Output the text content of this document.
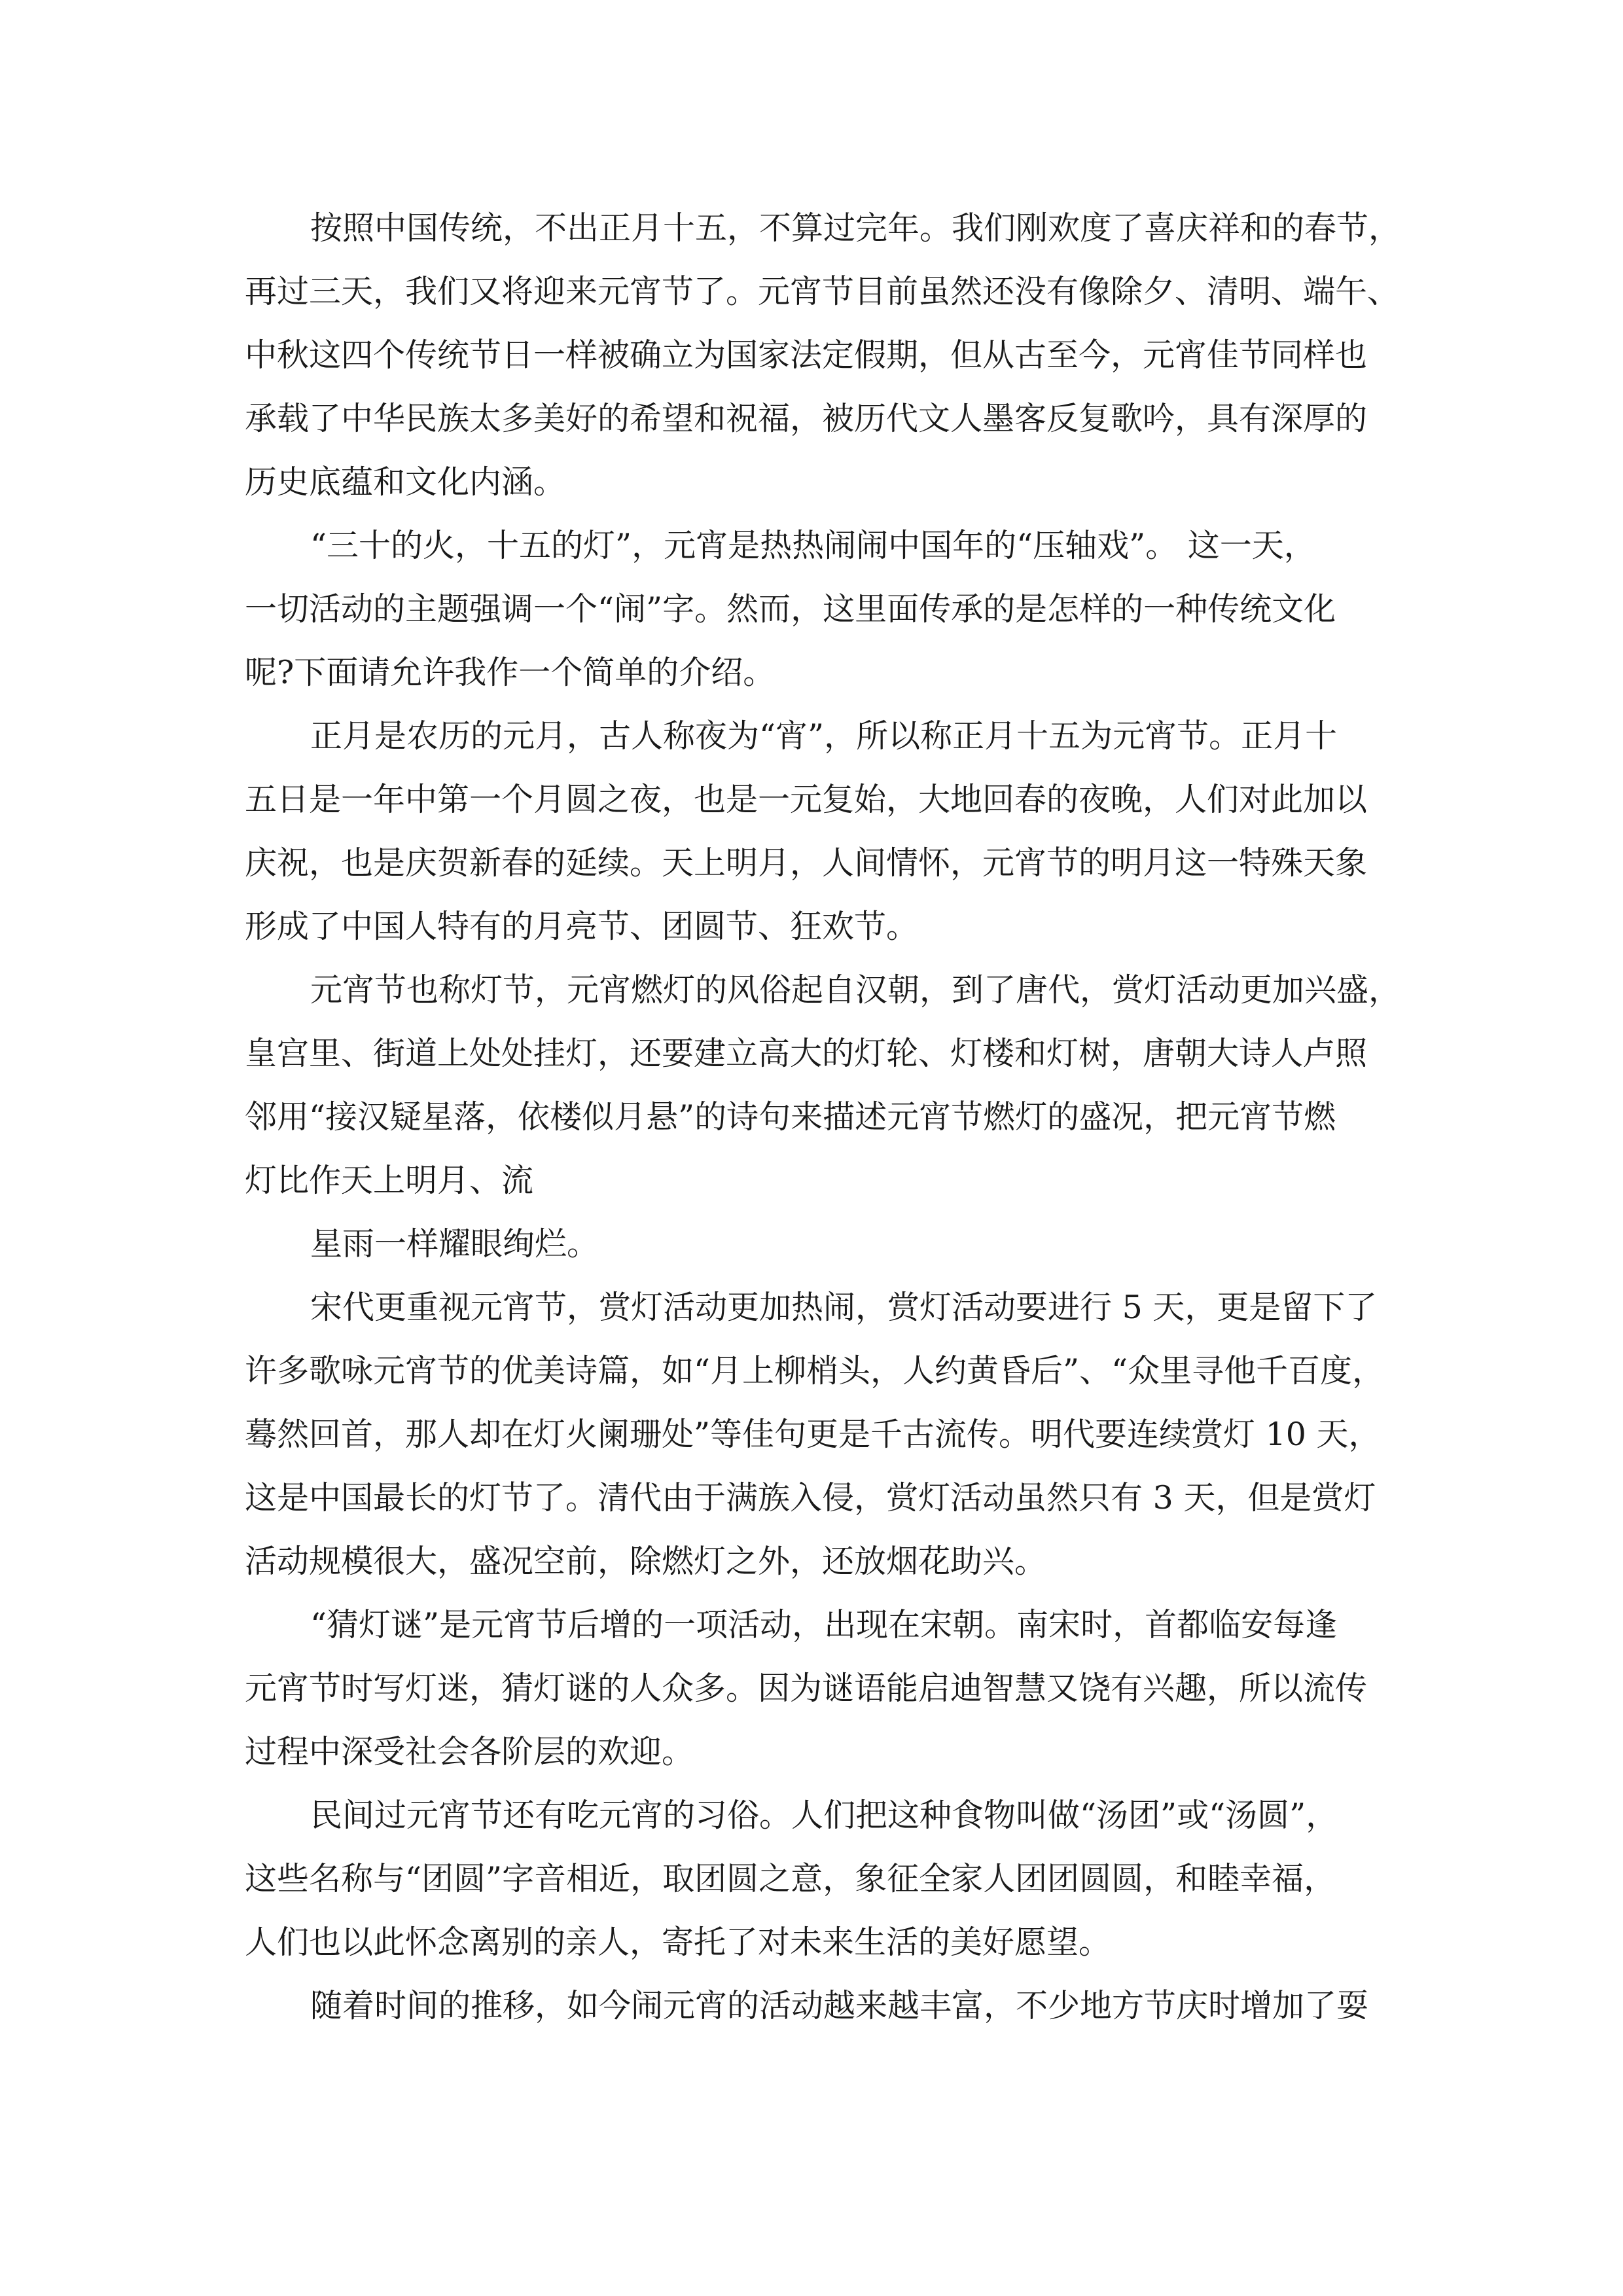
按照中国传统，不出正月十五，不算过完年。我们刚欢度了喜庆祥和的春节，
再过三天，我们又将迎来元宵节了。元宵节目前虽然还没有像除夕、清明、端午、
中秋这四个传统节日一样被确立为国家法定假期，但从古至今，元宵佳节同样也
承载了中华民族太多美好的希望和祝福，被历代文人墨客反复歌吟，具有深厚的
历史底蕴和文化内涵。
“三十的火，十五的灯”，元宵是热热闹闹中国年的“压轴戏”。 这一天，
一切活动的主题强调一个“闹”字。然而，这里面传承的是怎样的一种传统文化
呢?下面请允许我作一个简单的介绍。
正月是农历的元月，古人称夜为“宵”，所以称正月十五为元宵节。正月十
五日是一年中第一个月圆之夜，也是一元复始，大地回春的夜晚，人们对此加以
庆祝，也是庆贺新春的延续。天上明月，人间情怀，元宵节的明月这一特殊天象
形成了中国人特有的月亮节、团圆节、狂欢节。
元宵节也称灯节，元宵燃灯的风俗起自汉朝，到了唐代，赏灯活动更加兴盛，
皇宫里、街道上处处挂灯，还要建立高大的灯轮、灯楼和灯树，唐朝大诗人卢照
邻用“接汉疑星落，依楼似月悬”的诗句来描述元宵节燃灯的盛况，把元宵节燃
灯比作天上明月、流
星雨一样耀眼绚烂。
宋代更重视元宵节，赏灯活动更加热闹，赏灯活动要进行 5 天，更是留下了
许多歌咏元宵节的优美诗篇，如“月上柳梢头，人约黄昏后”、“众里寻他千百度，
蓦然回首，那人却在灯火阑珊处”等佳句更是千古流传。明代要连续赏灯 10 天，
这是中国最长的灯节了。清代由于满族入侵，赏灯活动虽然只有 3 天，但是赏灯
活动规模很大，盛况空前，除燃灯之外，还放烟花助兴。
“猜灯谜”是元宵节后增的一项活动，出现在宋朝。南宋时，首都临安每逢
元宵节时写灯迷，猜灯谜的人众多。因为谜语能启迪智慧又饶有兴趣，所以流传
过程中深受社会各阶层的欢迎。
民间过元宵节还有吃元宵的习俗。人们把这种食物叫做“汤团”或“汤圆”，
这些名称与“团圆”字音相近，取团圆之意，象征全家人团团圆圆，和睦幸福，
人们也以此怀念离别的亲人，寄托了对未来生活的美好愿望。
随着时间的推移，如今闹元宵的活动越来越丰富，不少地方节庆时增加了耍
